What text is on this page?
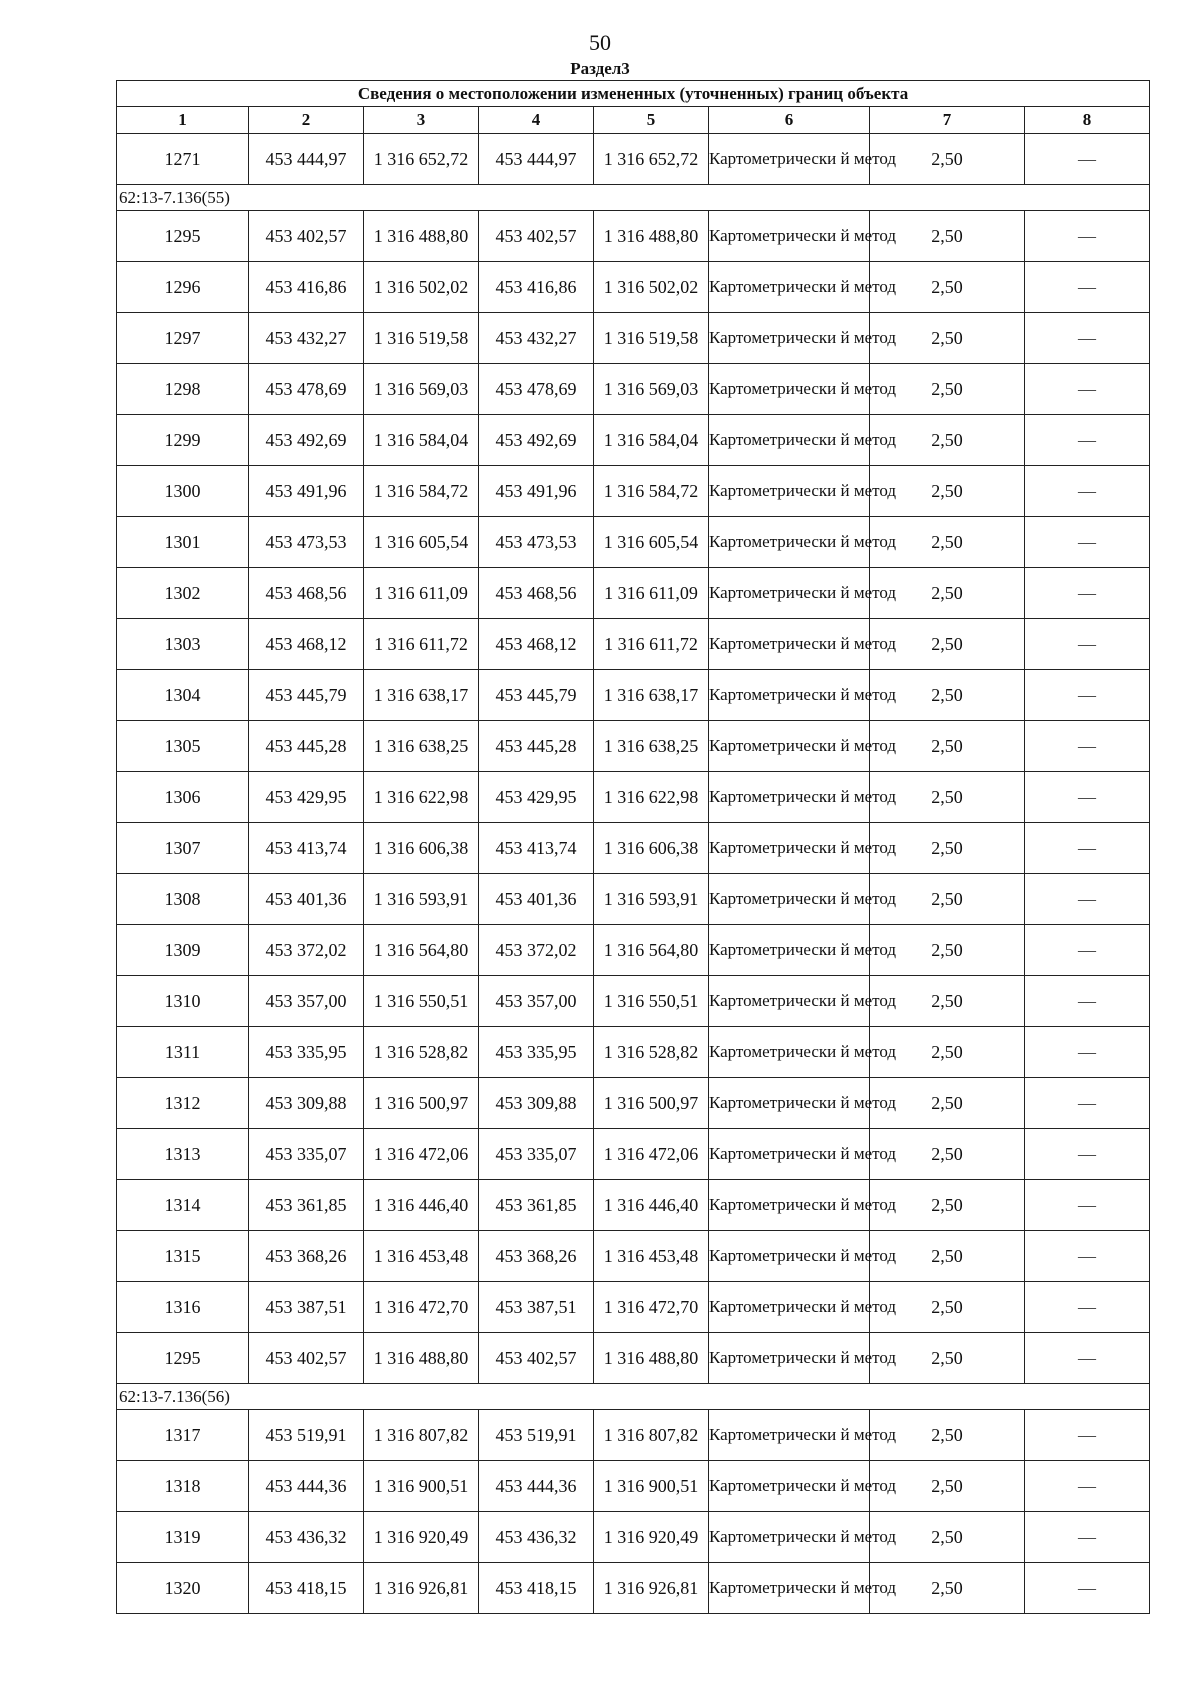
50
Раздел3
Сведения о местоположении измененных (уточненных) границ объекта							
1	2	3	4	5	6	7	8
1271	453 444,97	1 316 652,72	453 444,97	1 316 652,72	Картометрически й метод	2,50	—
62:13-7.136(55)							
1295	453 402,57	1 316 488,80	453 402,57	1 316 488,80	Картометрически й метод	2,50	—
1296	453 416,86	1 316 502,02	453 416,86	1 316 502,02	Картометрически й метод	2,50	—
1297	453 432,27	1 316 519,58	453 432,27	1 316 519,58	Картометрически й метод	2,50	—
1298	453 478,69	1 316 569,03	453 478,69	1 316 569,03	Картометрически й метод	2,50	—
1299	453 492,69	1 316 584,04	453 492,69	1 316 584,04	Картометрически й метод	2,50	—
1300	453 491,96	1 316 584,72	453 491,96	1 316 584,72	Картометрически й метод	2,50	—
1301	453 473,53	1 316 605,54	453 473,53	1 316 605,54	Картометрически й метод	2,50	—
1302	453 468,56	1 316 611,09	453 468,56	1 316 611,09	Картометрически й метод	2,50	—
1303	453 468,12	1 316 611,72	453 468,12	1 316 611,72	Картометрически й метод	2,50	—
1304	453 445,79	1 316 638,17	453 445,79	1 316 638,17	Картометрически й метод	2,50	—
1305	453 445,28	1 316 638,25	453 445,28	1 316 638,25	Картометрически й метод	2,50	—
1306	453 429,95	1 316 622,98	453 429,95	1 316 622,98	Картометрически й метод	2,50	—
1307	453 413,74	1 316 606,38	453 413,74	1 316 606,38	Картометрически й метод	2,50	—
1308	453 401,36	1 316 593,91	453 401,36	1 316 593,91	Картометрически й метод	2,50	—
1309	453 372,02	1 316 564,80	453 372,02	1 316 564,80	Картометрически й метод	2,50	—
1310	453 357,00	1 316 550,51	453 357,00	1 316 550,51	Картометрически й метод	2,50	—
1311	453 335,95	1 316 528,82	453 335,95	1 316 528,82	Картометрически й метод	2,50	—
1312	453 309,88	1 316 500,97	453 309,88	1 316 500,97	Картометрически й метод	2,50	—
1313	453 335,07	1 316 472,06	453 335,07	1 316 472,06	Картометрически й метод	2,50	—
1314	453 361,85	1 316 446,40	453 361,85	1 316 446,40	Картометрически й метод	2,50	—
1315	453 368,26	1 316 453,48	453 368,26	1 316 453,48	Картометрически й метод	2,50	—
1316	453 387,51	1 316 472,70	453 387,51	1 316 472,70	Картометрически й метод	2,50	—
1295	453 402,57	1 316 488,80	453 402,57	1 316 488,80	Картометрически й метод	2,50	—
62:13-7.136(56)							
1317	453 519,91	1 316 807,82	453 519,91	1 316 807,82	Картометрически й метод	2,50	—
1318	453 444,36	1 316 900,51	453 444,36	1 316 900,51	Картометрически й метод	2,50	—
1319	453 436,32	1 316 920,49	453 436,32	1 316 920,49	Картометрически й метод	2,50	—
1320	453 418,15	1 316 926,81	453 418,15	1 316 926,81	Картометрически й метод	2,50	—
